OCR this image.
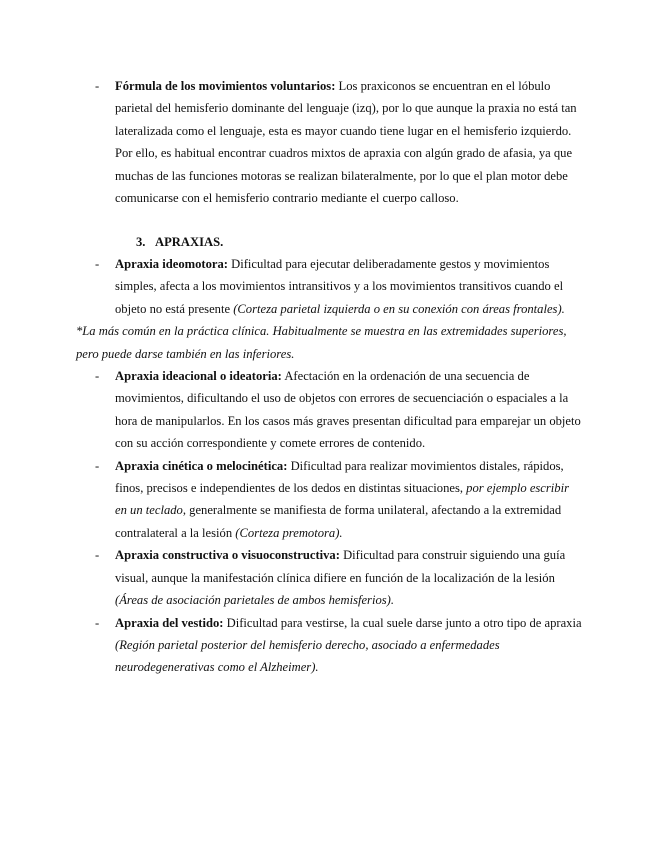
- Fórmula de los movimientos voluntarios: Los praxiconos se encuentran en el lóbulo parietal del hemisferio dominante del lenguaje (izq), por lo que aunque la praxia no está tan lateralizada como el lenguaje, esta es mayor cuando tiene lugar en el hemisferio izquierdo. Por ello, es habitual encontrar cuadros mixtos de apraxia con algún grado de afasia, ya que muchas de las funciones motoras se realizan bilateralmente, por lo que el plan motor debe comunicarse con el hemisferio contrario mediante el cuerpo calloso.
3. APRAXIAS.
- Apraxia ideomotora: Dificultad para ejecutar deliberadamente gestos y movimientos simples, afecta a los movimientos intransitivos y a los movimientos transitivos cuando el objeto no está presente (Corteza parietal izquierda o en su conexión con áreas frontales).
*La más común en la práctica clínica. Habitualmente se muestra en las extremidades superiores, pero puede darse también en las inferiores.
- Apraxia ideacional o ideatoria: Afectación en la ordenación de una secuencia de movimientos, dificultando el uso de objetos con errores de secuenciación o espaciales a la hora de manipularlos. En los casos más graves presentan dificultad para emparejar un objeto con su acción correspondiente y comete errores de contenido.
- Apraxia cinética o melocinética: Dificultad para realizar movimientos distales, rápidos, finos, precisos e independientes de los dedos en distintas situaciones, por ejemplo escribir en un teclado, generalmente se manifiesta de forma unilateral, afectando a la extremidad contralateral a la lesión (Corteza premotora).
- Apraxia constructiva o visuoconstructiva: Dificultad para construir siguiendo una guía visual, aunque la manifestación clínica difiere en función de la localización de la lesión (Áreas de asociación parietales de ambos hemisferios).
- Apraxia del vestido: Dificultad para vestirse, la cual suele darse junto a otro tipo de apraxia (Región parietal posterior del hemisferio derecho, asociado a enfermedades neurodegenerativas como el Alzheimer).
